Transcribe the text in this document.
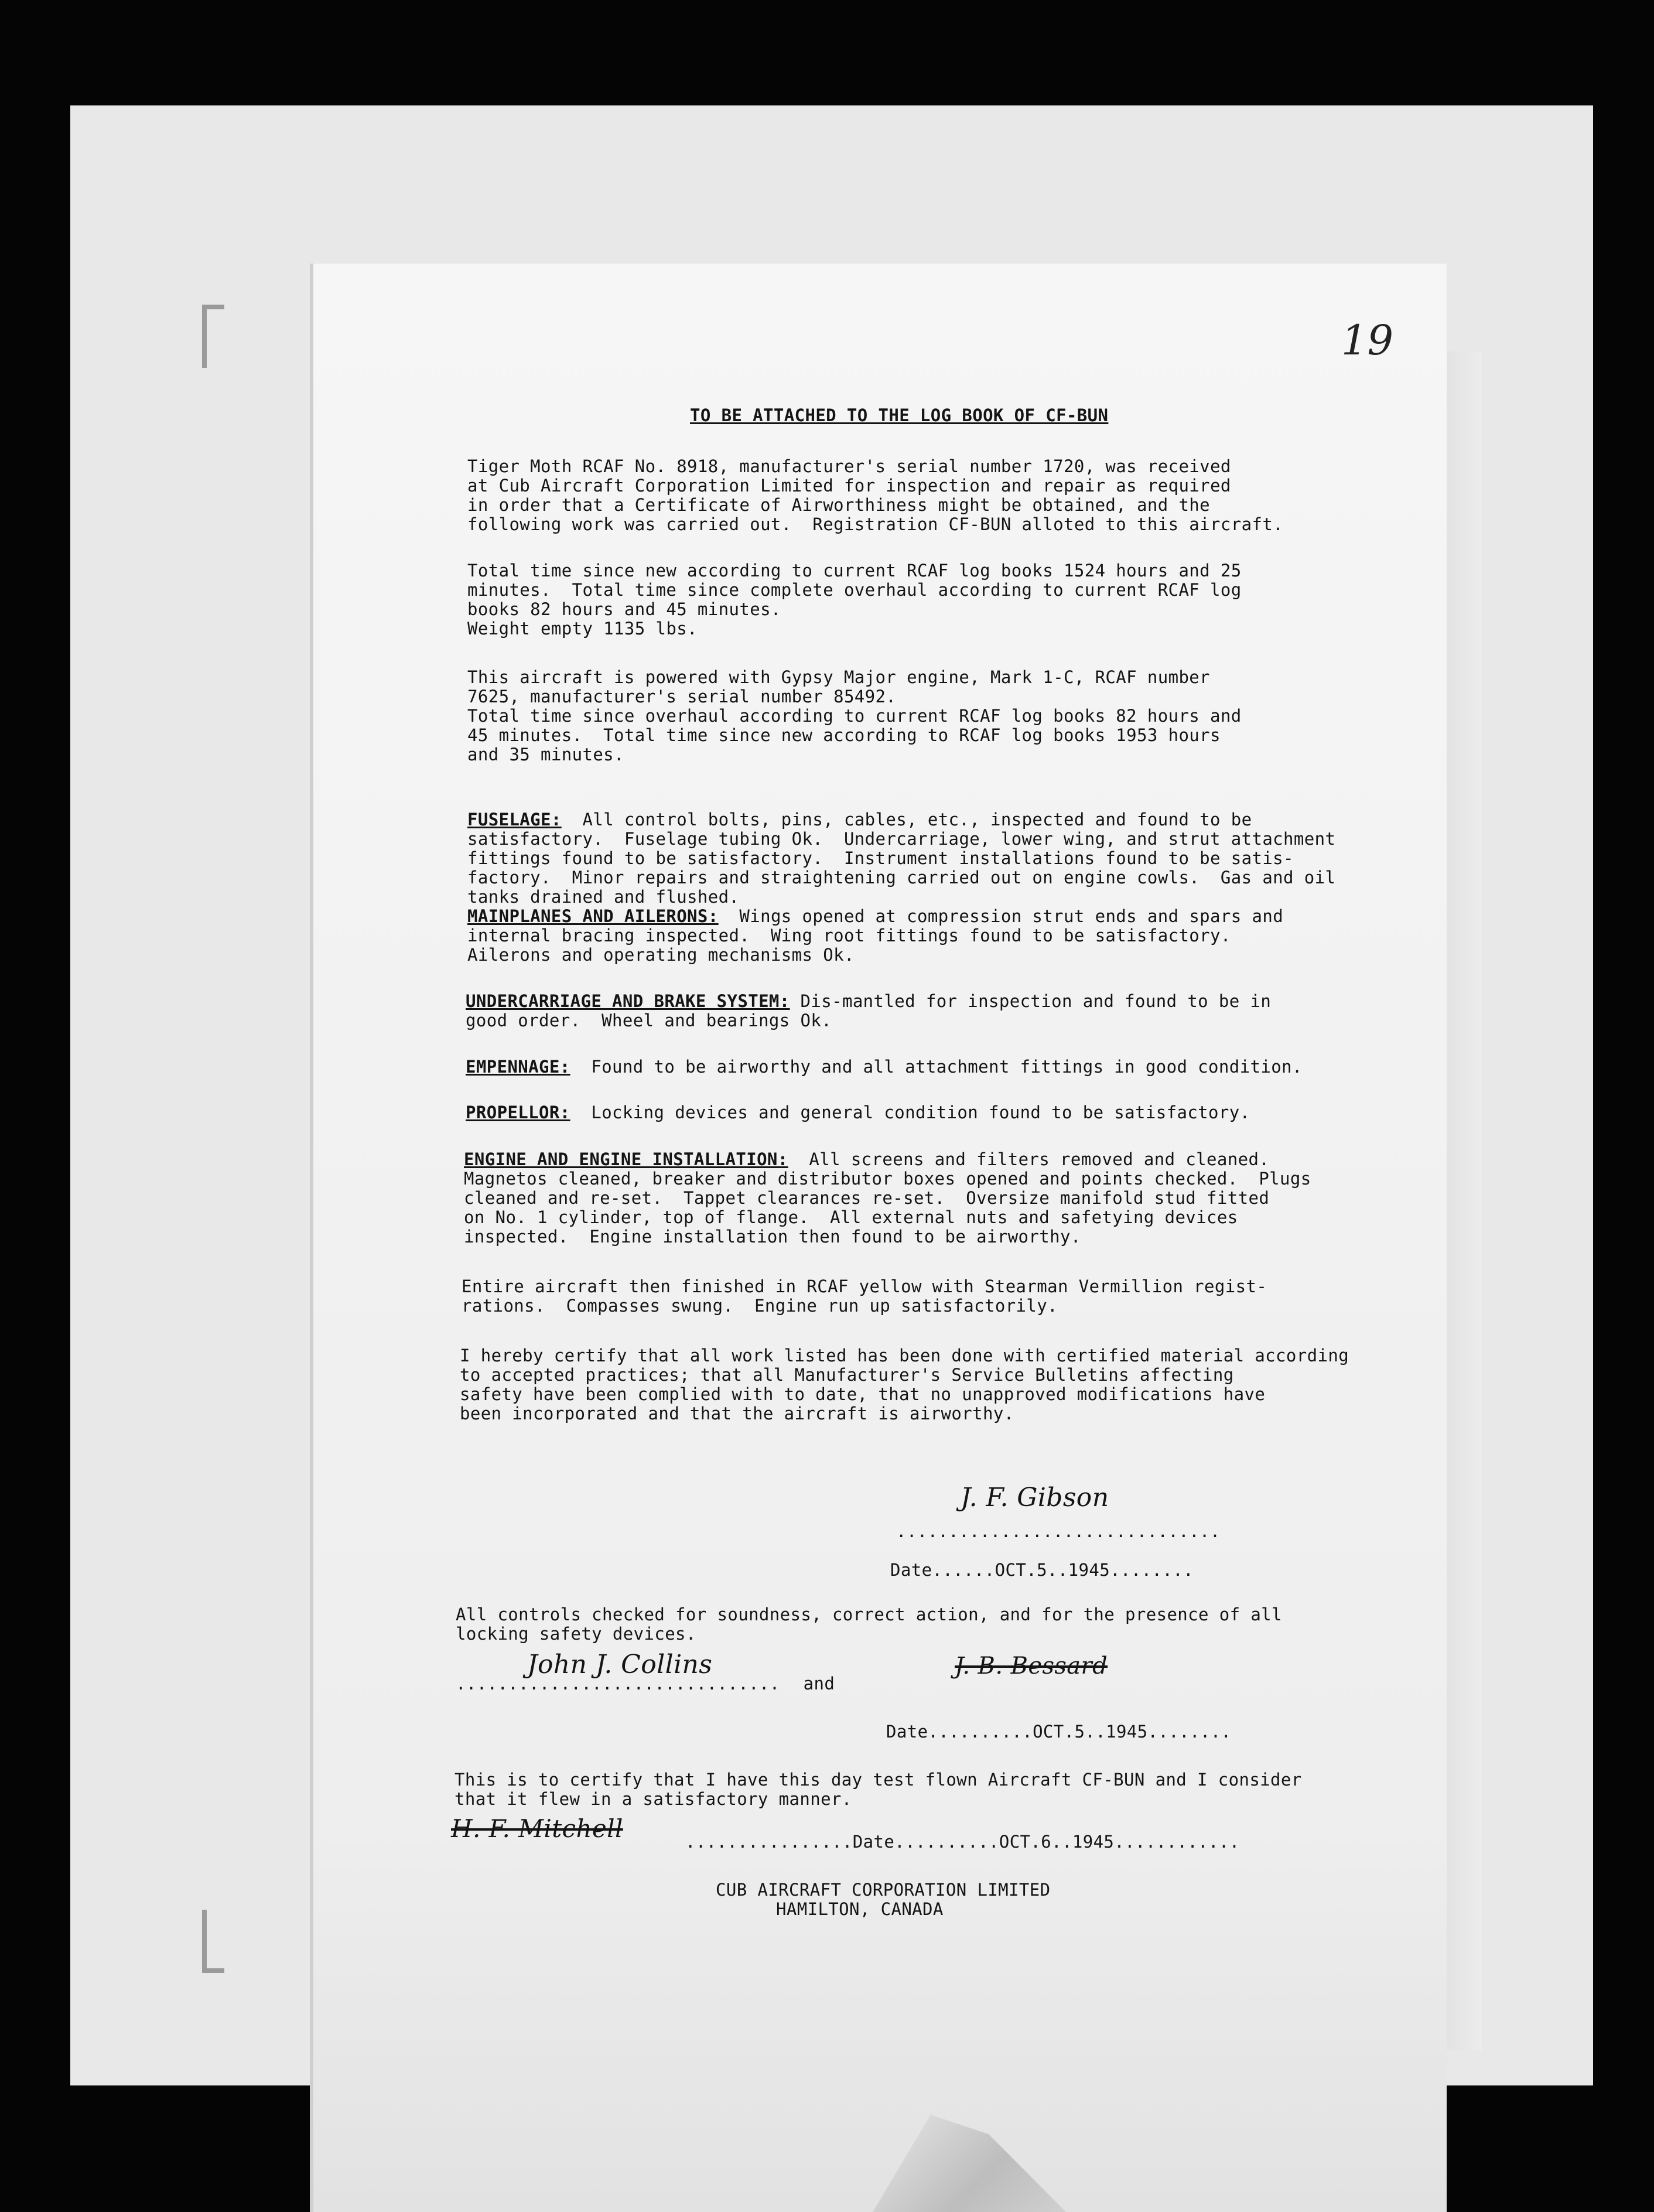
19
TO BE ATTACHED TO THE LOG BOOK OF CF-BUN
Tiger Moth RCAF No. 8918, manufacturer's serial number 1720, was received
at Cub Aircraft Corporation Limited for inspection and repair as required
in order that a Certificate of Airworthiness might be obtained, and the
following work was carried out.  Registration CF-BUN alloted to this aircraft.
Total time since new according to current RCAF log books 1524 hours and 25
minutes.  Total time since complete overhaul according to current RCAF log
books 82 hours and 45 minutes.
Weight empty 1135 lbs.
This aircraft is powered with Gypsy Major engine, Mark 1-C, RCAF number
7625, manufacturer's serial number 85492.
Total time since overhaul according to current RCAF log books 82 hours and
45 minutes.  Total time since new according to RCAF log books 1953 hours
and 35 minutes.
FUSELAGE:  All control bolts, pins, cables, etc., inspected and found to be
satisfactory.  Fuselage tubing Ok.  Undercarriage, lower wing, and strut attachment
fittings found to be satisfactory.  Instrument installations found to be satis-
factory.  Minor repairs and straightening carried out on engine cowls.  Gas and oil
tanks drained and flushed.
MAINPLANES AND AILERONS:  Wings opened at compression strut ends and spars and
internal bracing inspected.  Wing root fittings found to be satisfactory.
Ailerons and operating mechanisms Ok.
UNDERCARRIAGE AND BRAKE SYSTEM: Dis-mantled for inspection and found to be in
good order.  Wheel and bearings Ok.
EMPENNAGE:  Found to be airworthy and all attachment fittings in good condition.
PROPELLOR:  Locking devices and general condition found to be satisfactory.
ENGINE AND ENGINE INSTALLATION:  All screens and filters removed and cleaned.
Magnetos cleaned, breaker and distributor boxes opened and points checked.  Plugs
cleaned and re-set.  Tappet clearances re-set.  Oversize manifold stud fitted
on No. 1 cylinder, top of flange.  All external nuts and safetying devices
inspected.  Engine installation then found to be airworthy.
Entire aircraft then finished in RCAF yellow with Stearman Vermillion regist-
rations.  Compasses swung.  Engine run up satisfactorily.
I hereby certify that all work listed has been done with certified material according
to accepted practices; that all Manufacturer's Service Bulletins affecting
safety have been complied with to date, that no unapproved modifications have
been incorporated and that the aircraft is airworthy.
...............................
J. F. Gibson
Date......OCT.5..1945........
All controls checked for soundness, correct action, and for the presence of all
locking safety devices.
............................... and
John J. Collins	J. B. Bessard
Date..........OCT.5..1945........
This is to certify that I have this day test flown Aircraft CF-BUN and I consider
that it flew in a satisfactory manner.
H. F. Mitchell	................Date..........OCT.6..1945............
CUB AIRCRAFT CORPORATION LIMITED
HAMILTON, CANADA
